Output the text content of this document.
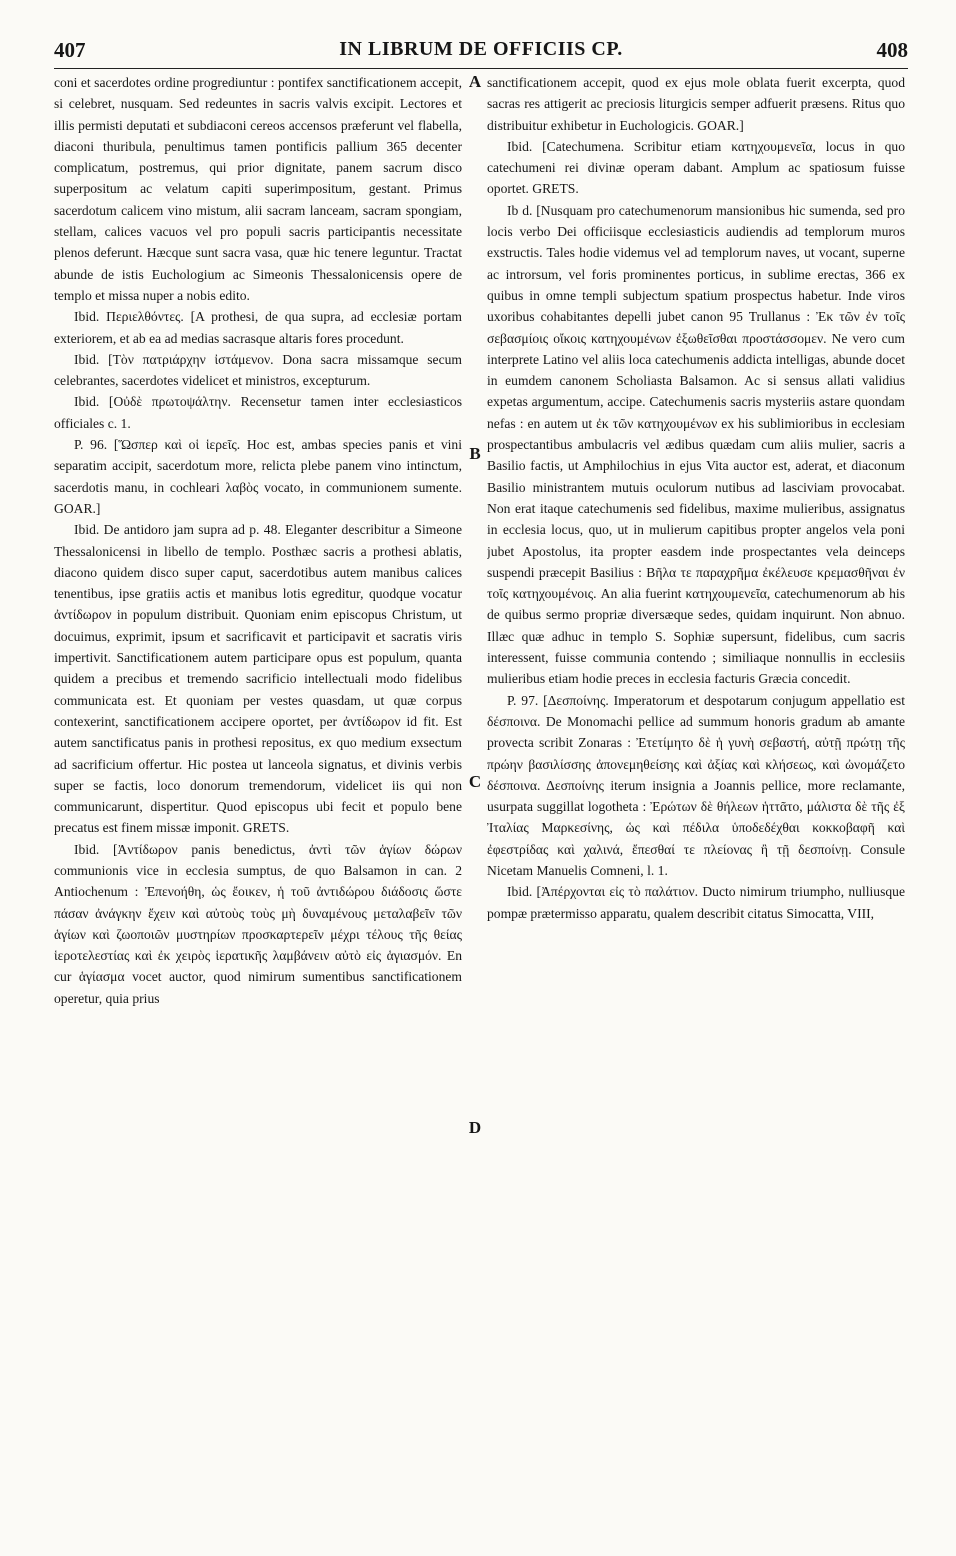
407	IN LIBRUM DE OFFICIIS CP.	408

coni et sacerdotes ordine progrediuntur : pontifex sanctificationem accepit, si celebret, nusquam. Sed redeuntes in sacris valvis excipit. Lectores et illis permisti deputati et subdiaconi cereos accensos præferunt vel flabella, diaconi thuribula, penultimus tamen pontificis pallium 365 decenter complicatum, postremus, qui prior dignitate, panem sacrum disco superpositum ac velatum capiti superimpositum, gestant. Primus sacerdotum calicem vino mistum, alii sacram lanceam, sacram spongiam, stellam, calices vacuos vel pro populi sacris participantis necessitate plenos deferunt. Hæcque sunt sacra vasa, quæ hic tenere leguntur. Tractat abunde de istis Euchologium ac Simeonis Thessalonicensis opere de templo et missa nuper a nobis edito.

Ibid. Περιελθόντες. [A prothesi, de qua supra, ad ecclesiæ portam exteriorem, et ab ea ad medias sacrasque altaris fores procedunt.

Ibid. [Τὸν πατριάρχην ἰστάμενον. Dona sacra missamque secum celebrantes, sacerdotes videlicet et ministros, excepturum.

Ibid. [Οὐδὲ πρωτοψάλτην. Recensetur tamen inter ecclesiasticos officiales c. 1.

P. 96. [Ὥσπερ καὶ οἱ ἱερεῖς. Hoc est, ambas species panis et vini separatim accipit, sacerdotum more, relicta plebe panem vino intinctum, sacerdotis manu, in cochleari λαβὸς vocato, in communionem sumente. GOAR.]

Ibid. De antidoro jam supra ad p. 48. Eleganter describitur a Simeone Thessalonicensi in libello de templo. Posthæc sacris a prothesi ablatis, diacono quidem disco super caput, sacerdotibus autem manibus calices tenentibus, ipse gratiis actis et manibus lotis egreditur, quodque vocatur ἀντίδωρον in populum distribuit. Quoniam enim episcopus Christum, ut docuimus, exprimit, ipsum et sacrificavit et participavit et sacratis viris impertivit. Sanctificationem autem participare opus est populum, quanta quidem a precibus et tremendo sacrificio intellectuali modo fidelibus communicata est. Et quoniam per vestes quasdam, ut quæ corpus contexerint, sanctificationem accipere oportet, per ἀντίδωρον id fit. Est autem sanctificatus panis in prothesi repositus, ex quo medium exsectum ad sacrificium offertur. Hic postea ut lanceola signatus, et divinis verbis super se factis, loco donorum tremendorum, videlicet iis qui non communicarunt, dispertitur. Quod episcopus ubi fecit et populo bene precatus est finem missæ imponit. GRETS.

Ibid. [Ἀντίδωρον panis benedictus, ἀντὶ τῶν ἁγίων δώρων communionis vice in ecclesia sumptus, de quo Balsamon in can. 2 Antiochenum : Ἐπενοήθη, ὡς ἔοικεν, ἡ τοῦ ἀντιδώρου διάδοσις ὥστε πάσαν ἀνάγκην ἔχειν καὶ αὐτοὺς τοὺς μὴ δυναμένους μεταλαβεῖν τῶν ἁγίων καὶ ζωοποιῶν μυστηρίων προσκαρτερεῖν μέχρι τέλους τῆς θείας ἱεροτελεστίας καὶ ἐκ χειρὸς ἱερατικῆς λαμβάνειν αὐτὸ εἰς ἁγιασμόν. En cur ἁγίασμα vocet auctor, quod nimirum sumentibus sanctificationem operetur, quia prius

A
B
C
D

sanctificationem accepit, quod ex ejus mole oblata fuerit excerpta, quod sacras res attigerit ac preciosis liturgicis semper adfuerit præsens. Ritus quo distribuitur exhibetur in Euchologicis. GOAR.]

Ibid. [Catechumena. Scribitur etiam κατηχουμενεῖα, locus in quo catechumeni rei divinæ operam dabant. Amplum ac spatiosum fuisse oportet. GRETS.

Ib d. [Nusquam pro catechumenorum mansionibus hic sumenda, sed pro locis verbo Dei officiisque ecclesiasticis audiendis ad templorum muros exstructis. Tales hodie videmus vel ad templorum naves, ut vocant, superne ac introrsum, vel foris prominentes porticus, in sublime erectas, 366 ex quibus in omne templi subjectum spatium prospectus habetur. Inde viros uxoribus cohabitantes depelli jubet canon 95 Trullanus : Ἐκ τῶν ἐν τοῖς σεβασμίοις οἴκοις κατηχουμένων ἐξωθεῖσθαι προστάσσομεν. Ne vero cum interprete Latino vel aliis loca catechumenis addicta intelligas, abunde docet in eumdem canonem Scholiasta Balsamon. Ac si sensus allati validius expetas argumentum, accipe. Catechumenis sacris mysteriis astare quondam nefas : en autem ut ἐκ τῶν κατηχουμένων ex his sublimioribus in ecclesiam prospectantibus ambulacris vel ædibus quædam cum aliis mulier, sacris a Basilio factis, ut Amphilochius in ejus Vita auctor est, aderat, et diaconum Basilio ministrantem mutuis oculorum nutibus ad lasciviam provocabat. Non erat itaque catechumenis sed fidelibus, maxime mulieribus, assignatus in ecclesia locus, quo, ut in mulierum capitibus propter angelos vela poni jubet Apostolus, ita propter easdem inde prospectantes vela deinceps suspendi præcepit Basilius : Βῆλα τε παραχρῆμα ἐκέλευσε κρεμασθῆναι ἐν τοῖς κατηχουμένοις. An alia fuerint κατηχουμενεῖα, catechumenorum ab his de quibus sermo propriæ diversæque sedes, quidam inquirunt. Non abnuo. Illæc quæ adhuc in templo S. Sophiæ supersunt, fidelibus, cum sacris interessent, fuisse communia contendo ; similiaque nonnullis in ecclesiis mulieribus etiam hodie preces in ecclesia facturis Græcia concedit.

P. 97. [Δεσποίνης. Imperatorum et despotarum conjugum appellatio est δέσποινα. De Monomachi pellice ad summum honoris gradum ab amante provecta scribit Zonaras : Ἐτετίμητο δὲ ἡ γυνὴ σεβαστή, αὐτῇ πρώτῃ τῆς πρώην βασιλίσσης ἀπονεμηθείσης καὶ ἀξίας καὶ κλήσεως, καὶ ὠνομάζετο δέσποινα. Δεσποίνης iterum insignia a Joannis pellice, more reclamante, usurpata suggillat logotheta : Ἐρώτων δὲ θήλεων ἡττᾶτο, μάλιστα δὲ τῆς ἐξ Ἰταλίας Μαρκεσίνης, ὡς καὶ πέδιλα ὑποδεδέχθαι κοκκοβαφῆ καὶ ἐφεστρίδας καὶ χαλινά, ἔπεσθαί τε πλείονας ἢ τῇ δεσποίνῃ. Consule Nicetam Manuelis Comneni, l. 1.

Ibid. [Ἀπέρχονται εἰς τὸ παλάτιον. Ducto nimirum triumpho, nulliusque pompæ prætermisso apparatu, qualem describit citatus Simocatta, VIII,
